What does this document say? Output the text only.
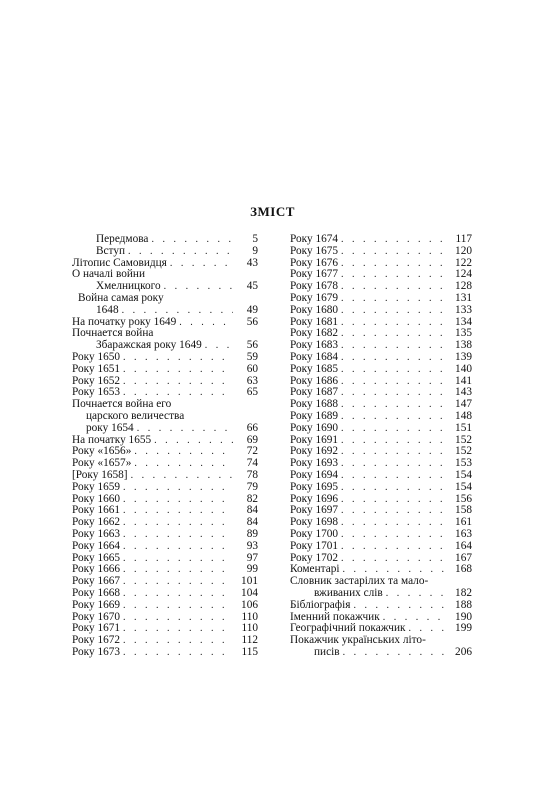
ЗМІСТ
Передмова . . .	5
Вступ . . .	9
Літопис Самовидця . . .	43
О началі войни
Хмелницкого . . .	45
Война самая року
1648 . . .	49
На початку року 1649 . . .	56
Почнается война
Збаражская року 1649 . . .	56
Року 1650 . . .	59
Року 1651 . . .	60
Року 1652 . . .	63
Року 1653 . . .	65
Почнается война его
царского величества
року 1654 . . .	66
На початку 1655 . . .	69
Року «1656» . . .	72
Року «1657» . . .	74
[Року 1658] . . .	78
Року 1659 . . .	79
Року 1660 . . .	82
Року 1661 . . .	84
Року 1662 . . .	84
Року 1663 . . .	89
Року 1664 . . .	93
Року 1665 . . .	97
Року 1666 . . .	99
Року 1667 . . .	101
Року 1668 . . .	104
Року 1669 . . .	106
Року 1670 . . .	110
Року 1671 . . .	110
Року 1672 . . .	112
Року 1673 . . .	115
Року 1674 . . .	117
Року 1675 . . .	120
Року 1676 . . .	122
Року 1677 . . .	124
Року 1678 . . .	128
Року 1679 . . .	131
Року 1680 . . .	133
Року 1681 . . .	134
Року 1682 . . .	135
Року 1683 . . .	138
Року 1684 . . .	139
Року 1685 . . .	140
Року 1686 . . .	141
Року 1687 . . .	143
Року 1688 . . .	147
Року 1689 . . .	148
Року 1690 . . .	151
Року 1691 . . .	152
Року 1692 . . .	152
Року 1693 . . .	153
Року 1694 . . .	154
Року 1695 . . .	154
Року 1696 . . .	156
Року 1697 . . .	158
Року 1698 . . .	161
Року 1700 . . .	163
Року 1701 . . .	164
Року 1702 . . .	167
Коментарі . . .	168
Словник застарілих та мало-
вживаних слів . . .	182
Бібліографія . . .	188
Іменний покажчик . . .	190
Географічний покажчик . . .	199
Покажчик українських літо-
писів . . .	206
